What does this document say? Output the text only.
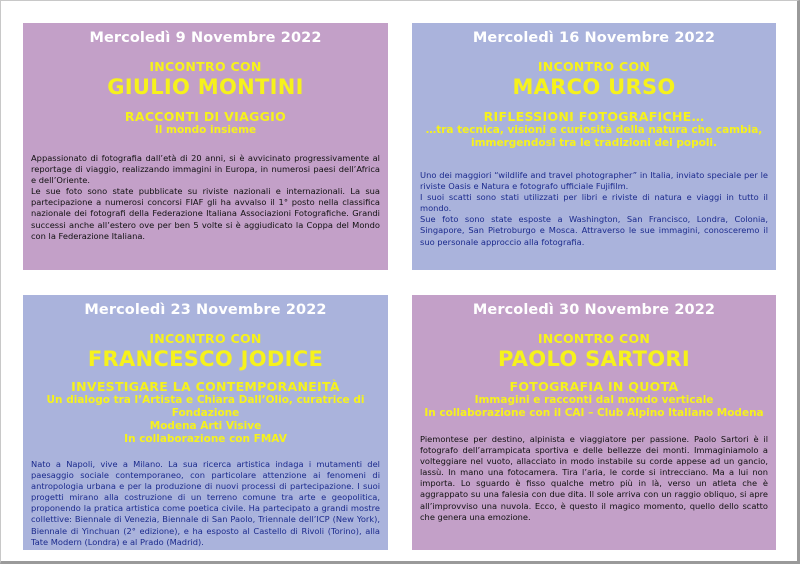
Mercoledì 9 Novembre 2022
INCONTRO CON
GIULIO MONTINI
RACCONTI DI VIAGGIO
Il mondo insieme

Appassionato di fotografia dall’età di 20 anni, si è avvicinato progressivamente al reportage di viaggio, realizzando immagini in Europa, in numerosi paesi dell’Africa e dell’Oriente.

Le sue foto sono state pubblicate su riviste nazionali e internazionali. La sua partecipazione a numerosi concorsi FIAF gli ha avvalso il 1° posto nella classifica nazionale dei fotografi della Federazione Italiana Associazioni Fotografiche. Grandi successi anche all’estero ove per ben 5 volte si è aggiudicato la Coppa del Mondo con la Federazione Italiana.

Mercoledì 16 Novembre 2022
INCONTRO CON
MARCO URSO
RIFLESSIONI FOTOGRAFICHE…
…tra tecnica, visioni e curiosità della natura che cambia,
immergendosi tra le tradizioni dei popoli.

Uno dei maggiori “wildlife and travel photographer” in Italia, inviato speciale per le riviste Oasis e Natura e fotografo ufficiale Fujifilm.

I suoi scatti sono stati utilizzati per libri e riviste di natura e viaggi in tutto il mondo.

Sue foto sono state esposte a Washington, San Francisco, Londra, Colonia, Singapore, San Pietroburgo e Mosca. Attraverso le sue immagini, conosceremo il suo personale approccio alla fotografia.

Mercoledì 23 Novembre 2022
INCONTRO CON
FRANCESCO JODICE
INVESTIGARE LA CONTEMPORANEITÀ
Un dialogo tra l’Artista e Chiara Dall’Olio, curatrice di Fondazione
Modena Arti Visive
In collaborazione con FMAV

Nato a Napoli, vive a Milano. La sua ricerca artistica indaga i mutamenti del paesaggio sociale contemporaneo, con particolare attenzione ai fenomeni di antropologia urbana e per la produzione di nuovi processi di partecipazione. I suoi progetti mirano alla costruzione di un terreno comune tra arte e geopolitica, proponendo la pratica artistica come poetica civile. Ha partecipato a grandi mostre collettive: Biennale di Venezia, Biennale di San Paolo, Triennale dell’ICP (New York), Biennale di Yinchuan (2° edizione), e ha esposto al Castello di Rivoli (Torino), alla Tate Modern (Londra) e al Prado (Madrid).

Mercoledì 30 Novembre 2022
INCONTRO CON
PAOLO SARTORI
FOTOGRAFIA IN QUOTA
Immagini e racconti dal mondo verticale
In collaborazione con il CAI – Club Alpino Italiano Modena

Piemontese per destino, alpinista e viaggiatore per passione. Paolo Sartori è il fotografo dell’arrampicata sportiva e delle bellezze dei monti. Immaginiamolo a volteggiare nel vuoto, allacciato in modo instabile su corde appese ad un gancio, lassù. In mano una fotocamera. Tira l’aria, le corde si intrecciano. Ma a lui non importa. Lo sguardo è fisso qualche metro più in là, verso un atleta che è aggrappato su una falesia con due dita. Il sole arriva con un raggio obliquo, si apre all’improvviso una nuvola. Ecco, è questo il magico momento, quello dello scatto che genera una emozione.
